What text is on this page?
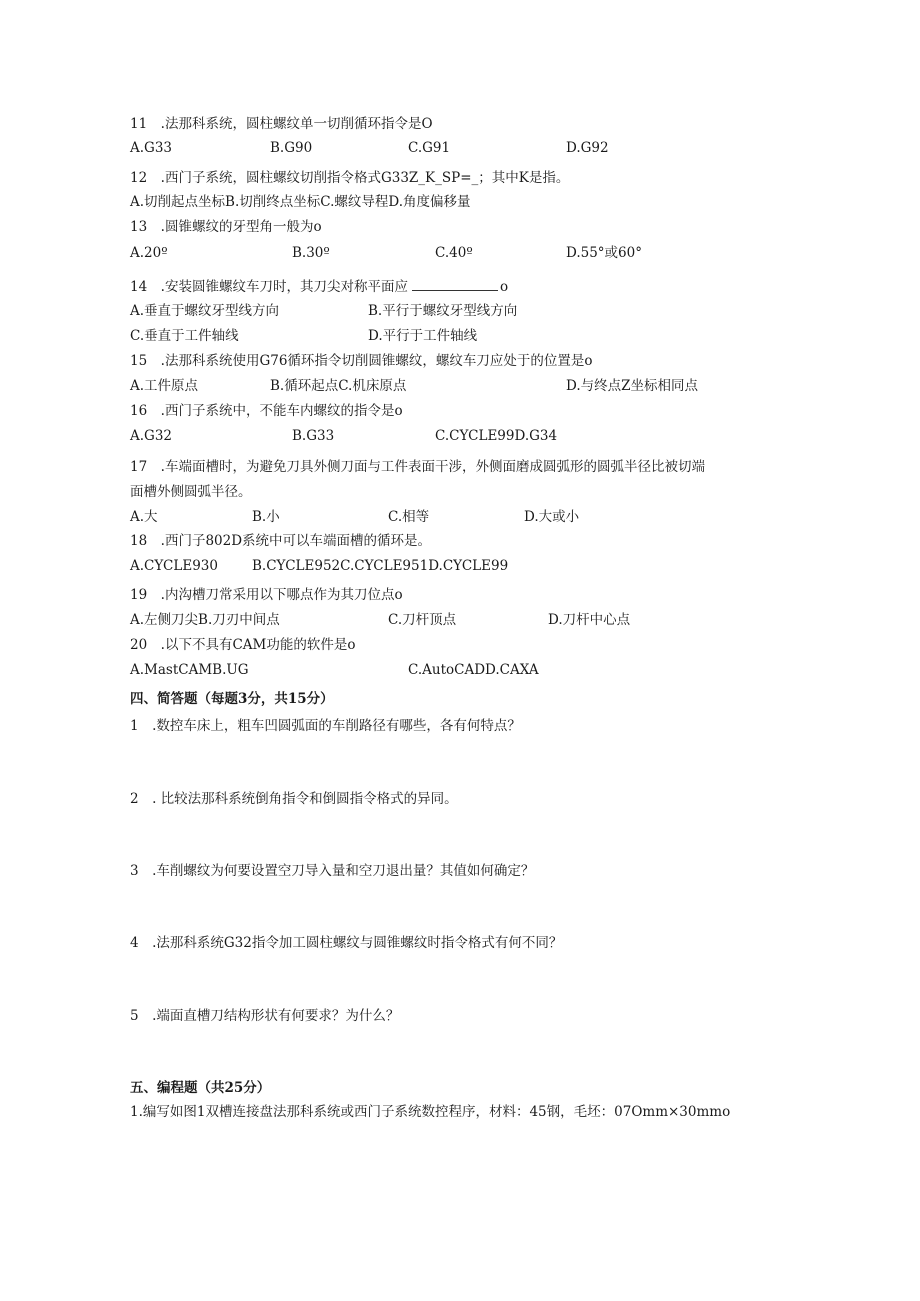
11　.法那科系统，圆柱螺纹单一切削循环指令是O
A.G33	B.G90	C.G91	D.G92
12　.西门子系统，圆柱螺纹切削指令格式G33Z_K_SP=_；其中K是指。
A.切削起点坐标B.切削终点坐标C.螺纹导程D.角度偏移量
13　.圆锥螺纹的牙型角一般为o
A.20º	B.30º	C.40º	D.55°或60°
14　.安装圆锥螺纹车刀时，其刀尖对称平面应	o
A.垂直于螺纹牙型线方向	B.平行于螺纹牙型线方向
C.垂直于工件轴线	D.平行于工件轴线
15　.法那科系统使用G76循环指令切削圆锥螺纹，螺纹车刀应处于的位置是o
A.工件原点	B.循环起点C.机床原点	D.与终点Z坐标相同点
16　.西门子系统中，不能车内螺纹的指令是o
A.G32	B.G33	C.CYCLE99D.G34
17　.车端面槽时，为避免刀具外侧刀面与工件表面干涉，外侧面磨成圆弧形的圆弧半径比被切端
面槽外侧圆弧半径。
A.大	B.小	C.相等	D.大或小
18　.西门子802D系统中可以车端面槽的循环是。
A.CYCLE930	B.CYCLE952C.CYCLE951D.CYCLE99
19　.内沟槽刀常采用以下哪点作为其刀位点o
A.左侧刀尖B.刀刃中间点	C.刀杆顶点	D.刀杆中心点
20　.以下不具有CAM功能的软件是o
A.MastCAMB.UG	C.AutoCADD.CAXA
四、简答题（每题3分，共15分）
1　.数控车床上，粗车凹圆弧面的车削路径有哪些，各有何特点？
2　. 比较法那科系统倒角指令和倒圆指令格式的异同。
3　.车削螺纹为何要设置空刀导入量和空刀退出量？其值如何确定？
4　.法那科系统G32指令加工圆柱螺纹与圆锥螺纹时指令格式有何不同？
5　.端面直槽刀结构形状有何要求？为什么？
五、编程题（共25分）
1.编写如图1双槽连接盘法那科系统或西门子系统数控程序，材料：45钢，毛坯：07Omm×30mmo
